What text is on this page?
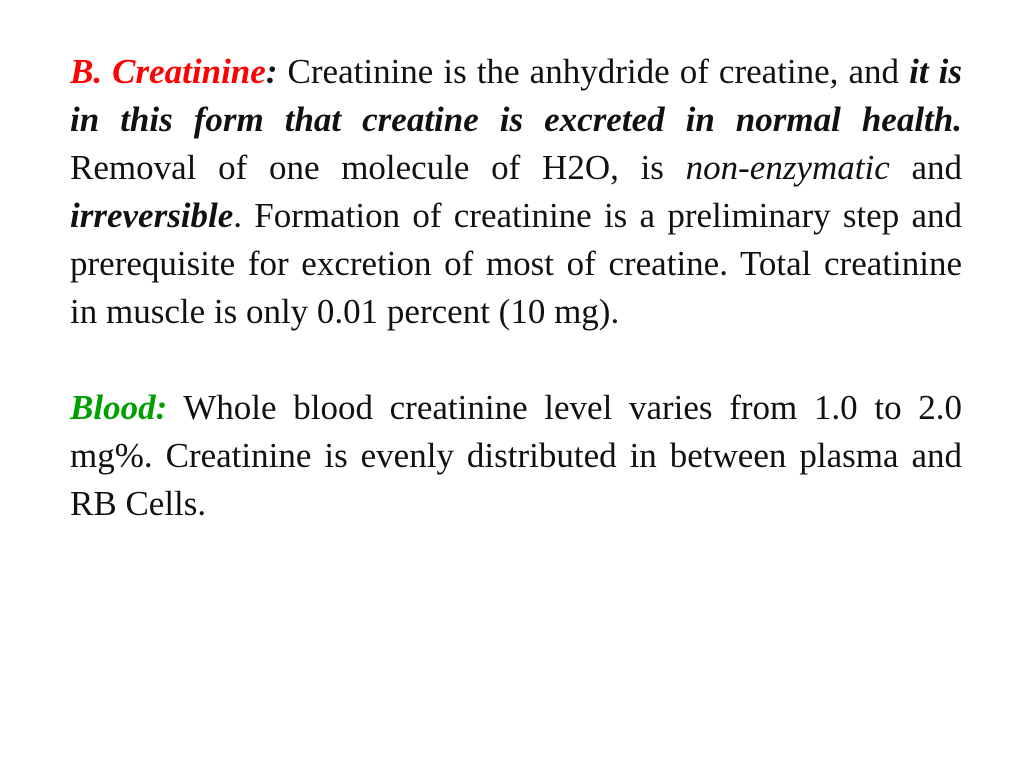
B. Creatinine: Creatinine is the anhydride of creatine, and it is in this form that creatine is excreted in normal health. Removal of one molecule of H2O, is non-enzymatic and irreversible. Formation of creatinine is a preliminary step and prerequisite for excretion of most of creatine. Total creatinine in muscle is only 0.01 percent (10 mg).

Blood: Whole blood creatinine level varies from 1.0 to 2.0 mg%. Creatinine is evenly distributed in between plasma and RB Cells.
